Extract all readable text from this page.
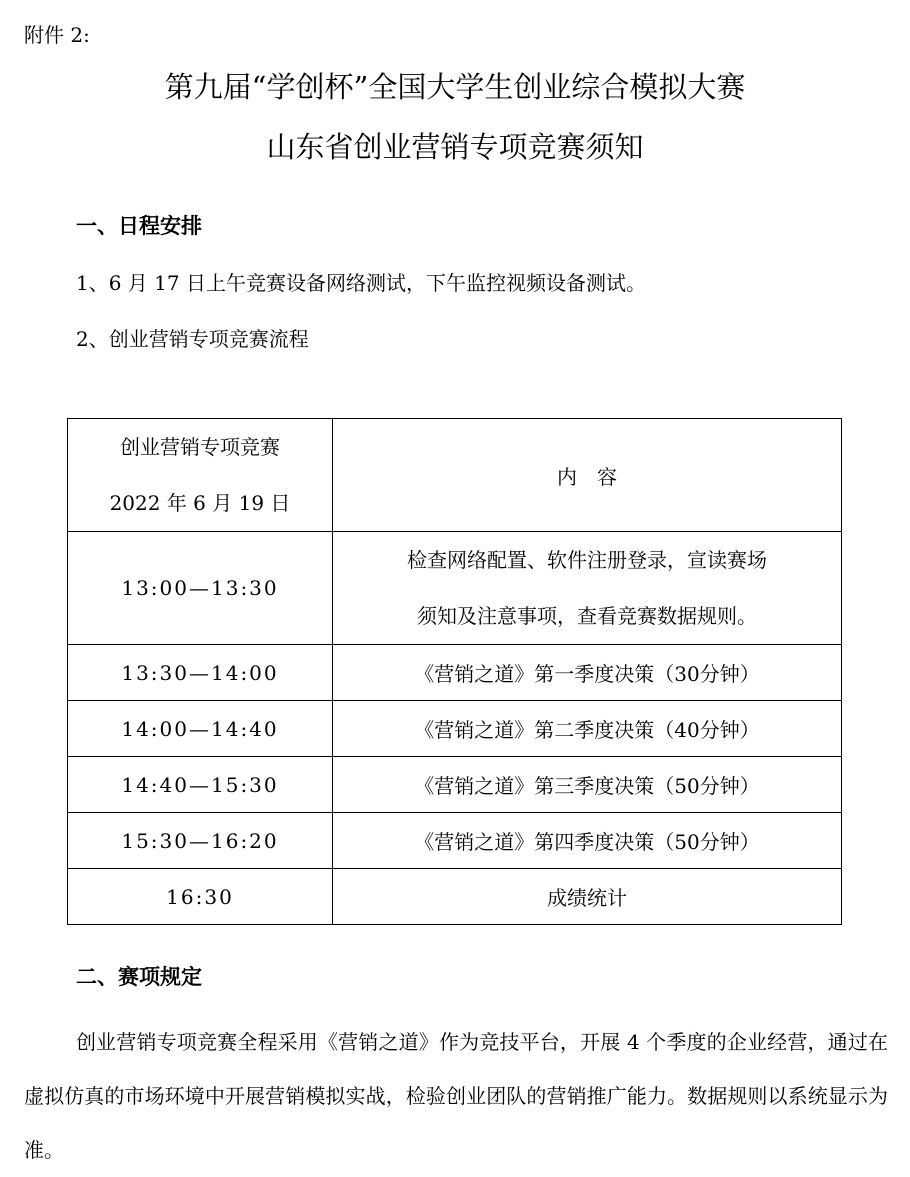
附件 2:
第九届“学创杯”全国大学生创业综合模拟大赛
山东省创业营销专项竞赛须知
一、日程安排
1、6 月 17 日上午竞赛设备网络测试，下午监控视频设备测试。
2、创业营销专项竞赛流程
创业营销专项竞赛
2022 年 6 月 19 日	内　容
13:00—13:30	检查网络配置、软件注册登录，宣读赛场
须知及注意事项，查看竞赛数据规则。

13:30—14:00	《营销之道》第一季度决策（30分钟）
14:00—14:40	《营销之道》第二季度决策（40分钟）
14:40—15:30	《营销之道》第三季度决策（50分钟）
15:30—16:20	《营销之道》第四季度决策（50分钟）
16:30	成绩统计
二、赛项规定
创业营销专项竞赛全程采用《营销之道》作为竞技平台，开展 4 个季度的企业经营，通过在虚拟仿真的市场环境中开展营销模拟实战，检验创业团队的营销推广能力。数据规则以系统显示为准。
